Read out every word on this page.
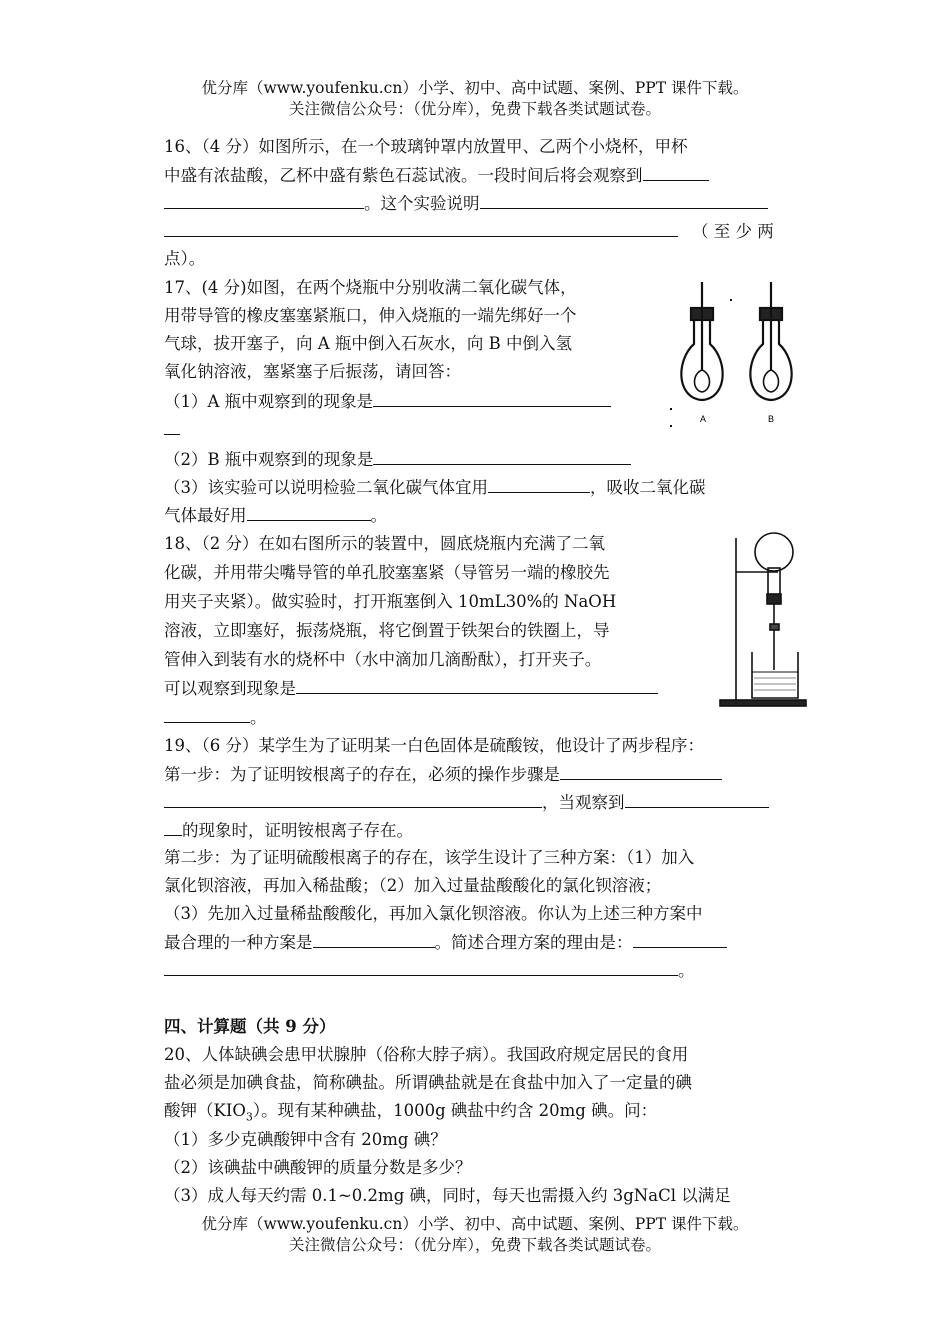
优分库（www.youfenku.cn）小学、初中、高中试题、案例、PPT 课件下载。
关注微信公众号：（优分库），免费下载各类试题试卷。
16、（4 分）如图所示，在一个玻璃钟罩内放置甲、乙两个小烧杯，甲杯
中盛有浓盐酸，乙杯中盛有紫色石蕊试液。一段时间后将会观察到
。这个实验说明
（ 至 少 两
点）。
17、(4 分)如图，在两个烧瓶中分别收满二氧化碳气体，
用带导管的橡皮塞塞紧瓶口，伸入烧瓶的一端先绑好一个
气球，拔开塞子，向 A 瓶中倒入石灰水，向 B 中倒入氢
氧化钠溶液，塞紧塞子后振荡，请回答：
（1）A 瓶中观察到的现象是
（2）B 瓶中观察到的现象是
（3）该实验可以说明检验二氧化碳气体宜用	，吸收二氧化碳
气体最好用	。
A	B
18、（2 分）在如右图所示的装置中，圆底烧瓶内充满了二氧
化碳，并用带尖嘴导管的单孔胶塞塞紧（导管另一端的橡胶先
用夹子夹紧）。做实验时，打开瓶塞倒入 10mL30%的 NaOH
溶液，立即塞好，振荡烧瓶，将它倒置于铁架台的铁圈上，导
管伸入到装有水的烧杯中（水中滴加几滴酚酞），打开夹子。
可以观察到现象是
。
19、（6 分）某学生为了证明某一白色固体是硫酸铵，他设计了两步程序：
第一步：为了证明铵根离子的存在，必须的操作步骤是
，当观察到
的现象时，证明铵根离子存在。
第二步：为了证明硫酸根离子的存在，该学生设计了三种方案：（1）加入
氯化钡溶液，再加入稀盐酸；（2）加入过量盐酸酸化的氯化钡溶液；
（3）先加入过量稀盐酸酸化，再加入氯化钡溶液。你认为上述三种方案中
最合理的一种方案是	。简述合理方案的理由是：
。
四、计算题（共 9 分）
20、人体缺碘会患甲状腺肿（俗称大脖子病）。我国政府规定居民的食用
盐必须是加碘食盐，简称碘盐。所谓碘盐就是在食盐中加入了一定量的碘
酸钾$(KIO_3)$。现有某种碘盐，1000g 碘盐中约含 20mg 碘。问：
（1）多少克碘酸钾中含有 20mg 碘？
（2）该碘盐中碘酸钾的质量分数是多少？
（3）成人每天约需 0.1~0.2mg 碘，同时，每天也需摄入约 3gNaCl 以满足
优分库（www.youfenku.cn）小学、初中、高中试题、案例、PPT 课件下载。
关注微信公众号：（优分库），免费下载各类试题试卷。
